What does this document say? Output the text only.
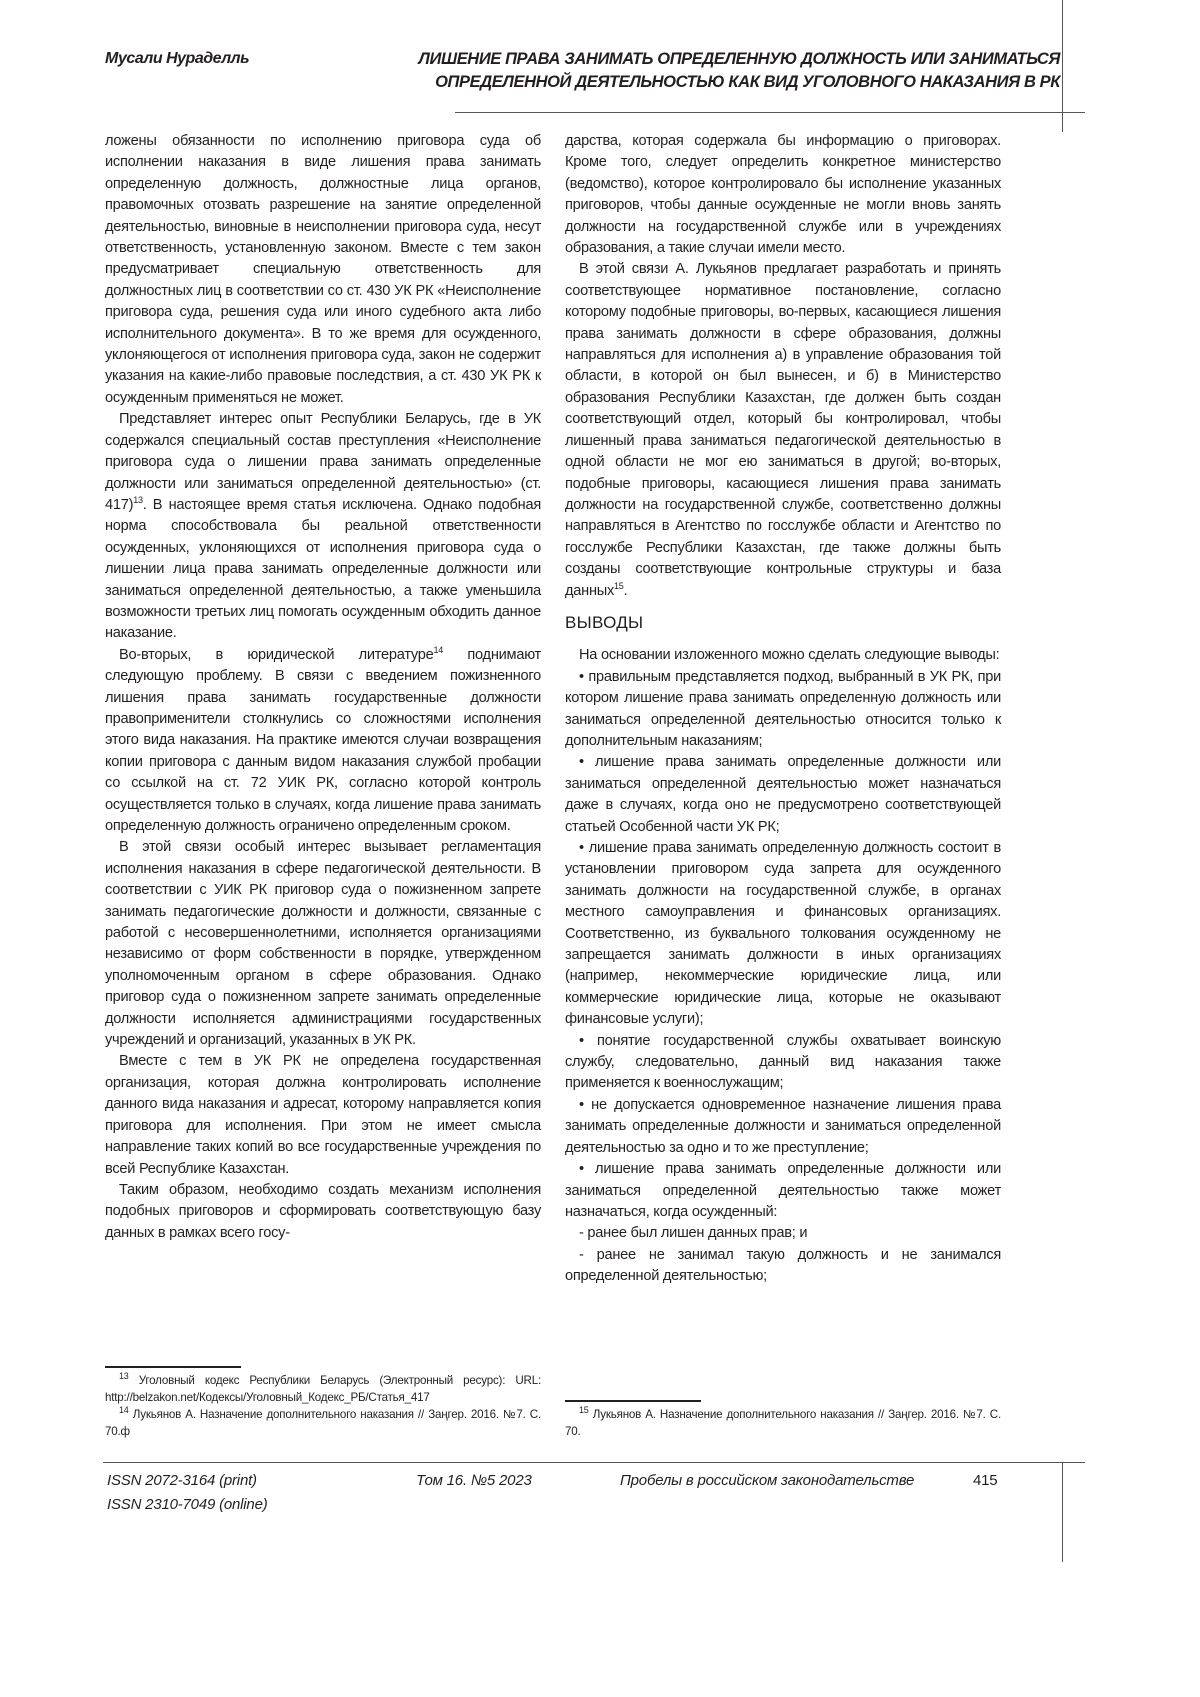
Мусали Нураделль	ЛИШЕНИЕ ПРАВА ЗАНИМАТЬ ОПРЕДЕЛЕННУЮ ДОЛЖНОСТЬ ИЛИ ЗАНИМАТЬСЯ
ОПРЕДЕЛЕННОЙ ДЕЯТЕЛЬНОСТЬЮ КАК ВИД УГОЛОВНОГО НАКАЗАНИЯ В РК

ложены обязанности по исполнению приговора суда об исполнении наказания в виде лишения права занимать определенную должность, должностные лица органов, правомочных отозвать разрешение на занятие определенной деятельностью, виновные в неисполнении приговора суда, несут ответственность, установленную законом. Вместе с тем закон предусматривает специальную ответственность для должностных лиц в соответствии со ст. 430 УК РК «Неисполнение приговора суда, решения суда или иного судебного акта либо исполнительного документа». В то же время для осужденного, уклоняющегося от исполнения приговора суда, закон не содержит указания на какие-либо правовые последствия, а ст. 430 УК РК к осужденным применяться не может.

Представляет интерес опыт Республики Беларусь, где в УК содержался специальный состав преступления «Неисполнение приговора суда о лишении права занимать определенные должности или заниматься определенной деятельностью» (ст. 417)13. В настоящее время статья исключена. Однако подобная норма способствовала бы реальной ответственности осужденных, уклоняющихся от исполнения приговора суда о лишении лица права занимать определенные должности или заниматься определенной деятельностью, а также уменьшила возможности третьих лиц помогать осужденным обходить данное наказание.

Во-вторых, в юридической литературе14 поднимают следующую проблему. В связи с введением пожизненного лишения права занимать государственные должности правоприменители столкнулись со сложностями исполнения этого вида наказания. На практике имеются случаи возвращения копии приговора с данным видом наказания службой пробации со ссылкой на ст. 72 УИК РК, согласно которой контроль осуществляется только в случаях, когда лишение права занимать определенную должность ограничено определенным сроком.

В этой связи особый интерес вызывает регламентация исполнения наказания в сфере педагогической деятельности. В соответствии с УИК РК приговор суда о пожизненном запрете занимать педагогические должности и должности, связанные с работой с несовершеннолетними, исполняется организациями независимо от форм собственности в порядке, утвержденном уполномоченным органом в сфере образования. Однако приговор суда о пожизненном запрете занимать определенные должности исполняется администрациями государственных учреждений и организаций, указанных в УК РК.

Вместе с тем в УК РК не определена государственная организация, которая должна контролировать исполнение данного вида наказания и адресат, которому направляется копия приговора для исполнения. При этом не имеет смысла направление таких копий во все государственные учреждения по всей Республике Казахстан.

Таким образом, необходимо создать механизм исполнения подобных приговоров и сформировать соответствующую базу данных в рамках всего госу-

13 Уголовный кодекс Республики Беларусь (Электронный ресурс): URL: http://belzakon.net/Кодексы/Уголовный_Кодекс_РБ/Статья_417

14 Лукьянов А. Назначение дополнительного наказания // Заңгер. 2016. №7. С. 70.ф

дарства, которая содержала бы информацию о приговорах. Кроме того, следует определить конкретное министерство (ведомство), которое контролировало бы исполнение указанных приговоров, чтобы данные осужденные не могли вновь занять должности на государственной службе или в учреждениях образования, а такие случаи имели место.

В этой связи А. Лукьянов предлагает разработать и принять соответствующее нормативное постановление, согласно которому подобные приговоры, во-первых, касающиеся лишения права занимать должности в сфере образования, должны направляться для исполнения а) в управление образования той области, в которой он был вынесен, и б) в Министерство образования Республики Казахстан, где должен быть создан соответствующий отдел, который бы контролировал, чтобы лишенный права заниматься педагогической деятельностью в одной области не мог ею заниматься в другой; во-вторых, подобные приговоры, касающиеся лишения права занимать должности на государственной службе, соответственно должны направляться в Агентство по госслужбе области и Агентство по госслужбе Республики Казахстан, где также должны быть созданы соответствующие контрольные структуры и база данных15.

ВЫВОДЫ

На основании изложенного можно сделать следующие выводы:

• правильным представляется подход, выбранный в УК РК, при котором лишение права занимать определенную должность или заниматься определенной деятельностью относится только к дополнительным наказаниям;

• лишение права занимать определенные должности или заниматься определенной деятельностью может назначаться даже в случаях, когда оно не предусмотрено соответствующей статьей Особенной части УК РК;

• лишение права занимать определенную должность состоит в установлении приговором суда запрета для осужденного занимать должности на государственной службе, в органах местного самоуправления и финансовых организациях. Соответственно, из буквального толкования осужденному не запрещается занимать должности в иных организациях (например, некоммерческие юридические лица, или коммерческие юридические лица, которые не оказывают финансовые услуги);

• понятие государственной службы охватывает воинскую службу, следовательно, данный вид наказания также применяется к военнослужащим;

• не допускается одновременное назначение лишения права занимать определенные должности и заниматься определенной деятельностью за одно и то же преступление;

• лишение права занимать определенные должности или заниматься определенной деятельностью также может назначаться, когда осужденный:

- ранее был лишен данных прав; и

- ранее не занимал такую должность и не занимался определенной деятельностью;

15 Лукьянов А. Назначение дополнительного наказания // Заңгер. 2016. №7. С. 70.

ISSN 2072-3164 (print)
ISSN 2310-7049 (online)
Том 16. №5 2023	Пробелы в российском законодательстве	415
